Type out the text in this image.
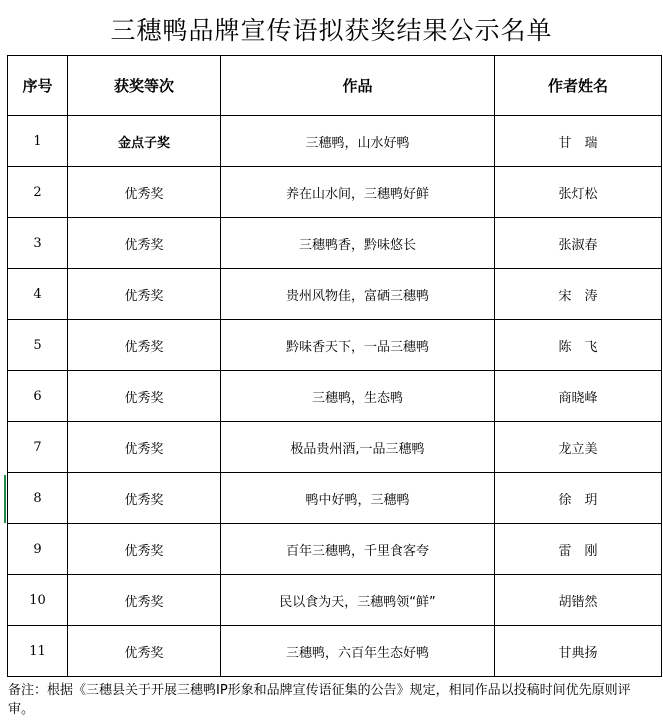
三穗鸭品牌宣传语拟获奖结果公示名单
序号	获奖等次	作品	作者姓名
1	金点子奖	三穗鸭，山水好鸭	甘　瑞
2	优秀奖	养在山水间，三穗鸭好鲜	张灯松
3	优秀奖	三穗鸭香，黔味悠长	张淑春
4	优秀奖	贵州风物佳，富硒三穗鸭	宋　涛
5	优秀奖	黔味香天下，一品三穗鸭	陈　飞
6	优秀奖	三穗鸭，生态鸭	商晓峰
7	优秀奖	极品贵州酒,一品三穗鸭	龙立美
8	优秀奖	鸭中好鸭，三穗鸭	徐　玥
9	优秀奖	百年三穗鸭，千里食客夸	雷　刚
10	优秀奖	民以食为天，三穗鸭领“鲜”	胡锴然
11	优秀奖	三穗鸭，六百年生态好鸭	甘典扬
备注：根据《三穗县关于开展三穗鸭IP形象和品牌宣传语征集的公告》规定，相同作品以投稿时间优先原则评审。
